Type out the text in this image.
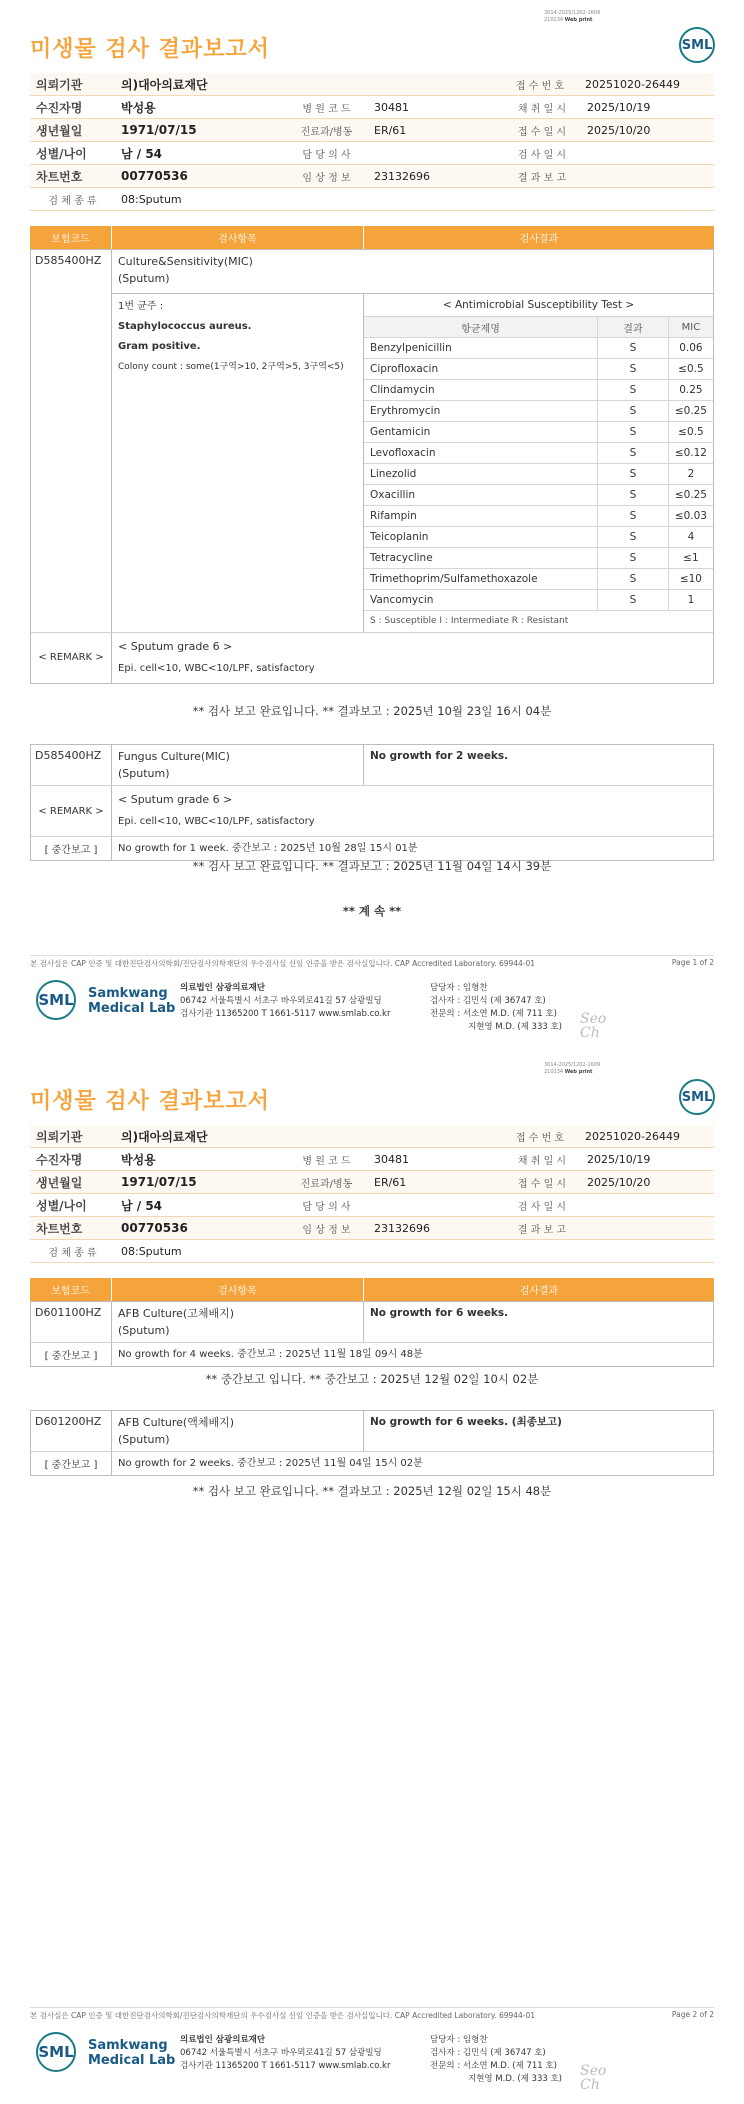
3014-2025/1202-1609
210234 Web print
미생물 검사 결과보고서	SML
의뢰기관	의)대아의료재단	접 수 번 호	20251020-26449
수진자명	박성용	병 원 코 드	30481	채 취 일 시	2025/10/19
생년월일	1971/07/15	진료과/병동	ER/61	접 수 일 시	2025/10/20
성별/나이	남 / 54	담 당 의 사	검 사 일 시
차트번호	00770536	임 상 정 보	23132696	결 과 보 고
검 체 종 류	08:Sputum
보험코드	검사항목	검사결과
D585400HZ	Culture&Sensitivity(MIC)
(Sputum)
1번 균주 :
Staphylococcus aureus.
Gram positive.
Colony count : some(1구역>10, 2구역>5, 3구역<5)
< Antimicrobial Susceptibility Test >
항균제명	결과	MIC
Benzylpenicillin	S	0.06
Ciprofloxacin	S	≤0.5
Clindamycin	S	0.25
Erythromycin	S	≤0.25
Gentamicin	S	≤0.5
Levofloxacin	S	≤0.12
Linezolid	S	2
Oxacillin	S	≤0.25
Rifampin	S	≤0.03
Teicoplanin	S	4
Tetracycline	S	≤1
Trimethoprim/Sulfamethoxazole	S	≤10
Vancomycin	S	1
S : Susceptible I : Intermediate R : Resistant		
< REMARK >
< Sputum grade 6 >
Epi. cell<10, WBC<10/LPF, satisfactory
** 검사 보고 완료입니다. ** 결과보고 : 2025년 10월 23일 16시 04분
D585400HZ	Fungus Culture(MIC)
(Sputum)
No growth for 2 weeks.
< REMARK >
< Sputum grade 6 >
Epi. cell<10, WBC<10/LPF, satisfactory
[ 중간보고 ]	No growth for 1 week. 중간보고 : 2025년 10월 28일 15시 01분
** 검사 보고 완료입니다. ** 결과보고 : 2025년 11월 04일 14시 39분
** 계 속 **
본 검사실은 CAP 인증 및 대한진단검사의학회/진단검사의학재단의 우수검사실 신임 인증을 받은 검사실입니다. CAP Accredited Laboratory. 69944-01	Page 1 of 2
SML Samkwang
Medical Lab
의료법인 삼광의료재단
06742 서울특별시 서초구 바우뫼로41길 57 삼광빌딩
검사기관 11365200 T 1661-5117 www.smlab.co.kr
담당자 : 임형찬
검사자 : 김민식 (제 36747 호)
전문의 : 서소연 M.D. (제 711 호)
지현영 M.D. (제 333 호) Seo
Ch
3014-2025/1202-1609
210234 Web print
미생물 검사 결과보고서	SML
의뢰기관	의)대아의료재단	접 수 번 호	20251020-26449
수진자명	박성용	병 원 코 드	30481	채 취 일 시	2025/10/19
생년월일	1971/07/15	진료과/병동	ER/61	접 수 일 시	2025/10/20
성별/나이	남 / 54	담 당 의 사	검 사 일 시
차트번호	00770536	임 상 정 보	23132696	결 과 보 고
검 체 종 류	08:Sputum
보험코드	검사항목	검사결과
D601100HZ	AFB Culture(고체배지)
(Sputum)
No growth for 6 weeks.
[ 중간보고 ]	No growth for 4 weeks. 중간보고 : 2025년 11월 18일 09시 48분
** 중간보고 입니다. ** 중간보고 : 2025년 12월 02일 10시 02분
D601200HZ	AFB Culture(액체배지)
(Sputum)
No growth for 6 weeks. (최종보고)
[ 중간보고 ]	No growth for 2 weeks. 중간보고 : 2025년 11월 04일 15시 02분
** 검사 보고 완료입니다. ** 결과보고 : 2025년 12월 02일 15시 48분
본 검사실은 CAP 인증 및 대한진단검사의학회/진단검사의학재단의 우수검사실 신임 인증을 받은 검사실입니다. CAP Accredited Laboratory. 69944-01	Page 2 of 2
SML Samkwang
Medical Lab
의료법인 삼광의료재단
06742 서울특별시 서초구 바우뫼로41길 57 삼광빌딩
검사기관 11365200 T 1661-5117 www.smlab.co.kr
담당자 : 임형찬
검사자 : 김민식 (제 36747 호)
전문의 : 서소연 M.D. (제 711 호)
지현영 M.D. (제 333 호) Seo
Ch
